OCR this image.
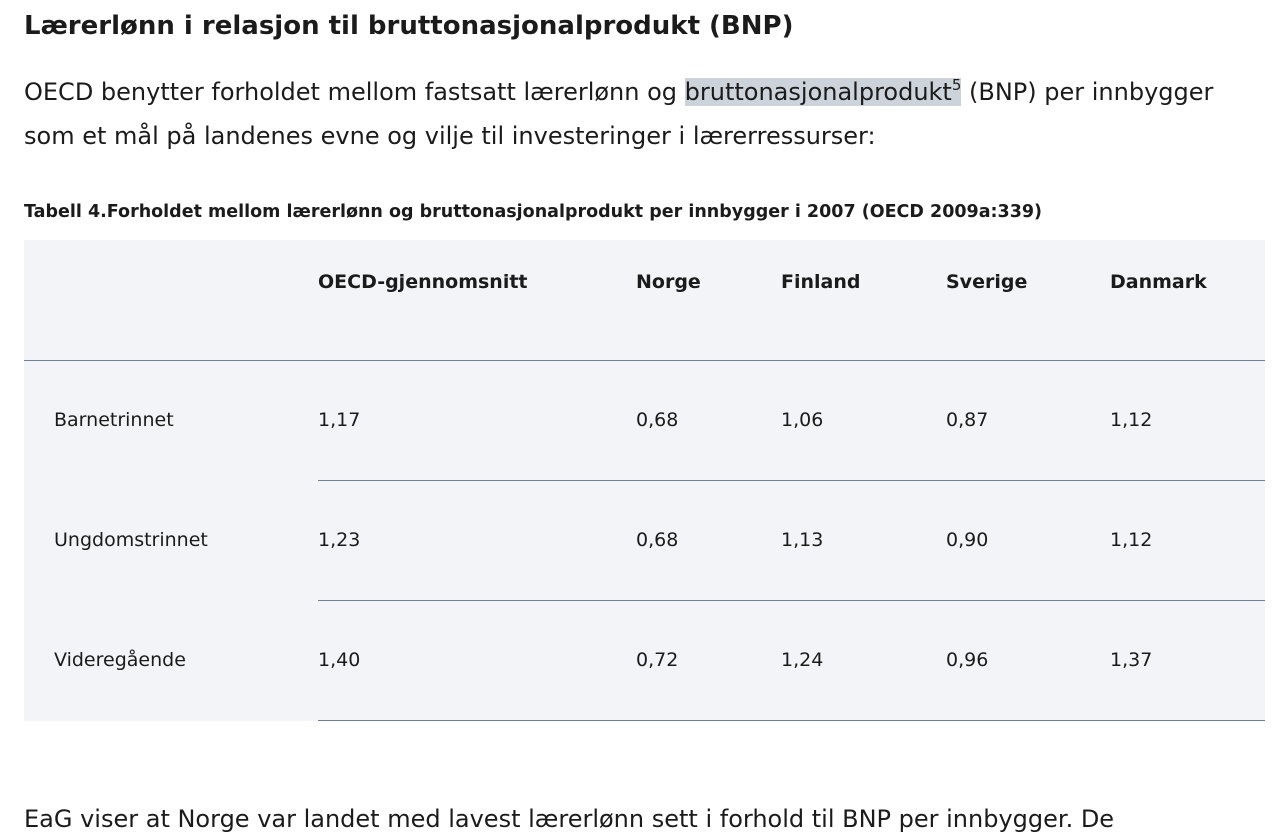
Lærerlønn i relasjon til bruttonasjonalprodukt (BNP)

OECD benytter forholdet mellom fastsatt lærerlønn og bruttonasjonalprodukt$^5$ (BNP) per innbygger som et mål på landenes evne og vilje til investeringer i lærerressurser:

Tabell 4.Forholdet mellom lærerlønn og bruttonasjonalprodukt per innbygger i 2007 (OECD 2009a:339)

	OECD-gjennomsnitt	Norge	Finland	Sverige	Danmark
Barnetrinnet	1,17	0,68	1,06	0,87	1,12
Ungdomstrinnet	1,23	0,68	1,13	0,90	1,12
Videregående	1,40	0,72	1,24	0,96	1,37

EaG viser at Norge var landet med lavest lærerlønn sett i forhold til BNP per innbygger. De
